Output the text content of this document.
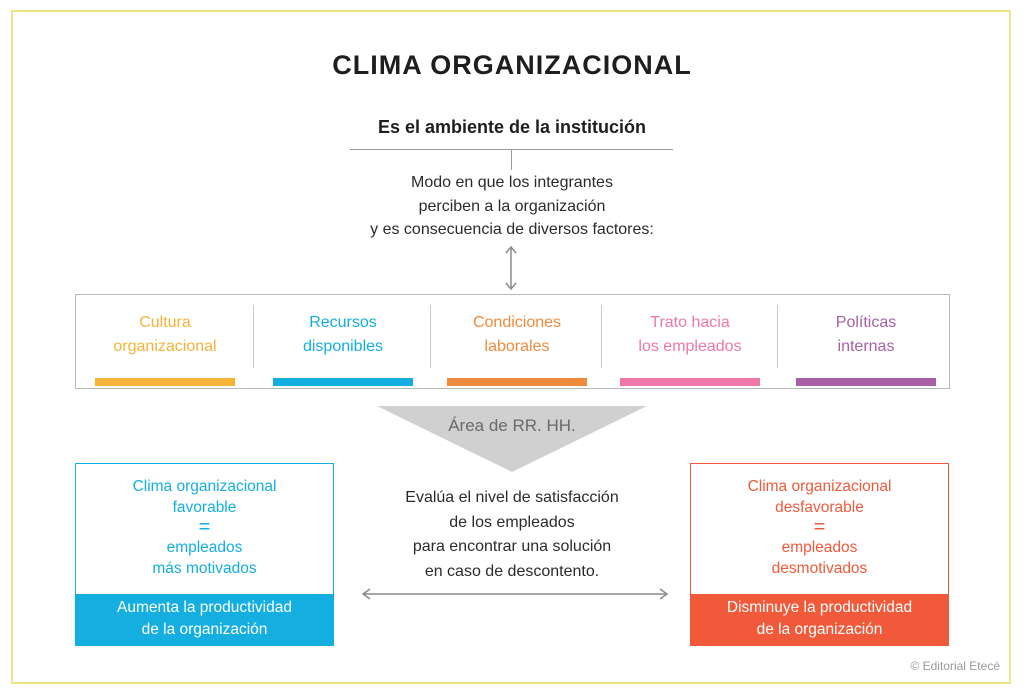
CLIMA ORGANIZACIONAL
Es el ambiente de la institución
Modo en que los integrantes
perciben a la organización
y es consecuencia de diversos factores:
Cultura
organizacional
Recursos
disponibles
Condiciones
laborales
Trato hacia
los empleados
Políticas
internas
Área de RR. HH.
Clima organizacional
favorable
=
empleados
más motivados
Aumenta la productividad
de la organización
Evalúa el nivel de satisfacción
de los empleados
para encontrar una solución
en caso de descontento.
Clima organizacional
desfavorable
=
empleados
desmotivados
Disminuye la productividad
de la organización
© Editorial Etecé
